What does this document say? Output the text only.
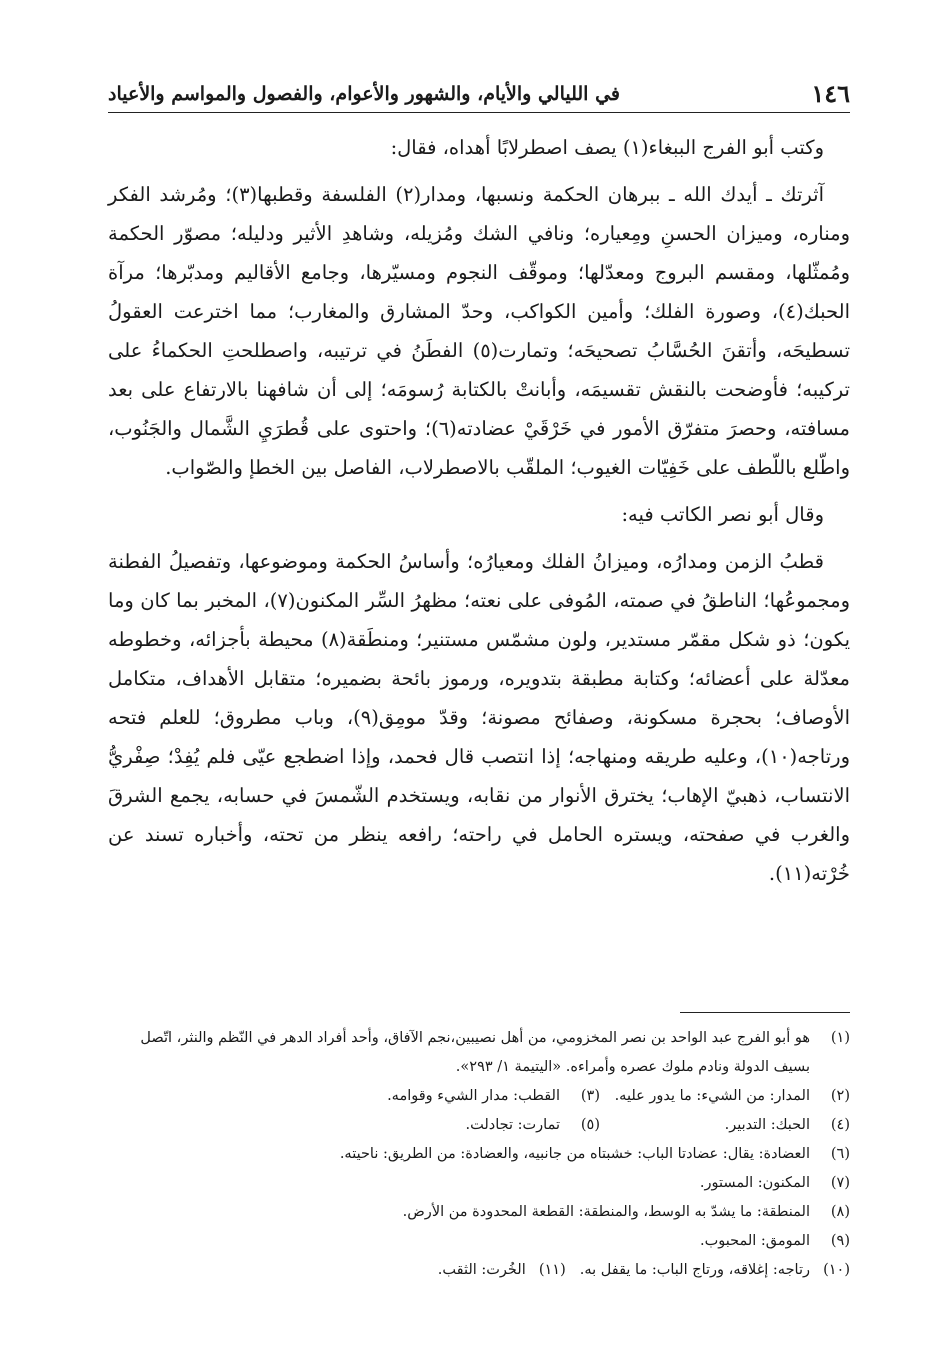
١٤٦
في الليالي والأيام، والشهور والأعوام، والفصول والمواسم والأعياد

وكتب أبو الفرج الببغاء(١) يصف اصطرلابًا أهداه، فقال:

آثرتك ـ أيدك الله ـ ببرهان الحكمة ونسبها، ومدار(٢) الفلسفة وقطبها(٣)؛ ومُرشد الفكر ومناره، وميزان الحسنِ ومِعياره؛ ونافي الشك ومُزيله، وشاهدِ الأثير ودليله؛ مصوّر الحكمة ومُمثّلها، ومقسم البروج ومعدّلها؛ وموقّف النجوم ومسيّرها، وجامع الأقاليم ومدبّرها؛ مرآة الحبك(٤)، وصورة الفلك؛ وأمين الكواكب، وحدّ المشارق والمغارب؛ مما اخترعت العقولُ تسطيحَه، وأتقنَ الحُسَّابُ تصحيحَه؛ وتمارت(٥) الفطَنُ في ترتيبه، واصطلحتِ الحكماءُ على تركيبه؛ فأوضحت بالنقش تقسيمَه، وأبانتْ بالكتابة رُسومَه؛ إلى أن شافهنا بالارتفاع على بعد مسافته، وحصرَ متفرّق الأمور في خَرْقَيْ عضادته(٦)؛ واحتوى على قُطرَيِ الشَّمال والجَنُوب، واطّلع باللّطف على خَفِيّات الغيوب؛ الملقّب بالاصطرلاب، الفاصل بين الخطإ والصّواب.

وقال أبو نصر الكاتب فيه:

قطبُ الزمن ومدارُه، وميزانُ الفلك ومعيارُه؛ وأساسُ الحكمة وموضوعها، وتفصيلُ الفطنة ومجموعُها؛ الناطقُ في صمته، المُوفى على نعته؛ مظهرُ السِّر المكنون(٧)، المخبر بما كان وما يكون؛ ذو شكل مقمّر مستدير، ولون مشمّس مستنير؛ ومنطَقة(٨) محيطة بأجزائه، وخطوطه معدّلة على أعضائه؛ وكتابة مطبقة بتدويره، ورموز بائحة بضميره؛ متقابل الأهداف، متكامل الأوصاف؛ بحجرة مسكونة، وصفائح مصونة؛ وقدّ مومِق(٩)، وباب مطروق؛ للعلم فتحه ورتاجه(١٠)، وعليه طريقه ومنهاجه؛ إذا انتصب قال فحمد، وإذا اضطجع عيّى فلم يُفِدْ؛ صِفْريُّ الانتساب، ذهبيّ الإهاب؛ يخترق الأنوار من نقابه، ويستخدم الشّمسَ في حسابه، يجمع الشرقَ والغرب في صفحته، ويستره الحامل في راحته؛ رافعه ينظر من تحته، وأخباره تسند عن خُرْته(١١).

(١)
هو أبو الفرج عبد الواحد بن نصر المخزومي، من أهل نصيبين،نجم الآفاق، وأحد أفراد الدهر في النّظم والنثر، اتّصل بسيف الدولة ونادم ملوك عصره وأمراءه. «اليتيمة ١/ ٢٩٣».
(٢)
المدار: من الشيء: ما يدور عليه.
(٣)
القطب: مدار الشيء وقوامه.
(٤)
الحبك: التدبير.
(٥)
تمارت: تجادلت.
(٦)
العضادة: يقال: عضادتا الباب: خشبتاه من جانبيه، والعضادة: من الطريق: ناحيته.
(٧)
المكنون: المستور.
(٨)
المنطقة: ما يشدّ به الوسط، والمنطقة: القطعة المحدودة من الأرض.
(٩)
المومق: المحبوب.
(١٠)
رتاجه: إغلاقه، ورتاج الباب: ما يقفل به.
(١١)
الخُرت: الثقب.
